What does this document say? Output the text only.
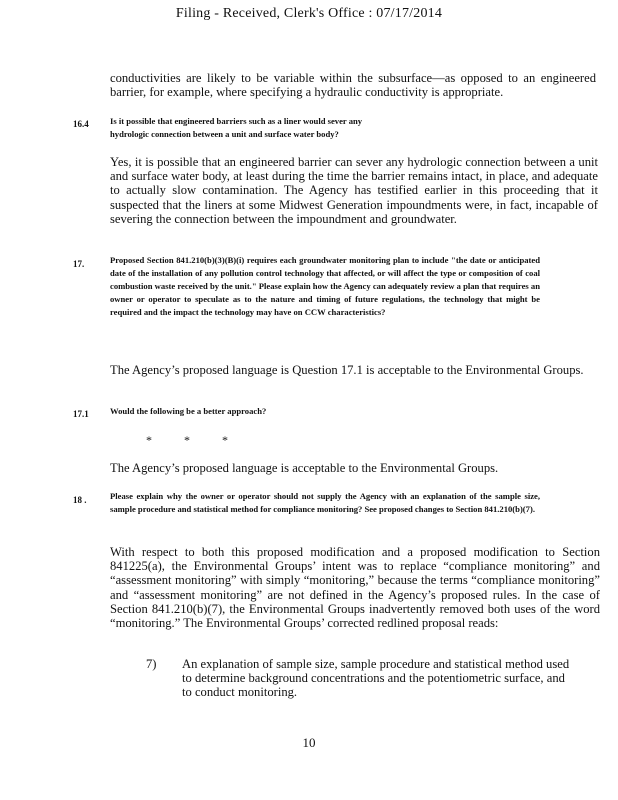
Filing - Received, Clerk's Office : 07/17/2014
conductivities are likely to be variable within the subsurface—as opposed to an engineered barrier, for example, where specifying a hydraulic conductivity is appropriate.
16.4 Is it possible that engineered barriers such as a liner would sever any hydrologic connection between a unit and surface water body?
Yes, it is possible that an engineered barrier can sever any hydrologic connection between a unit and surface water body, at least during the time the barrier remains intact, in place, and adequate to actually slow contamination. The Agency has testified earlier in this proceeding that it suspected that the liners at some Midwest Generation impoundments were, in fact, incapable of severing the connection between the impoundment and groundwater.
17.	Proposed Section 841.210(b)(3)(B)(i) requires each groundwater monitoring plan to include "the date or anticipated date of the installation of any pollution control technology that affected, or will affect the type or composition of coal combustion waste received by the unit." Please explain how the Agency can adequately review a plan that requires an owner or operator to speculate as to the nature and timing of future regulations, the technology that might be required and the impact the technology may have on CCW characteristics?
The Agency’s proposed language is Question 17.1 is acceptable to the Environmental Groups.
17.1 Would the following be a better approach?
*	*	*
The Agency’s proposed language is acceptable to the Environmental Groups.
18 .	Please explain why the owner or operator should not supply the Agency with an explanation of the sample size, sample procedure and statistical method for compliance monitoring? See proposed changes to Section 841.210(b)(7).
With respect to both this proposed modification and a proposed modification to Section 841225(a), the Environmental Groups’ intent was to replace “compliance monitoring” and “assessment monitoring” with simply “monitoring,” because the terms “compliance monitoring” and “assessment monitoring” are not defined in the Agency’s proposed rules. In the case of Section 841.210(b)(7), the Environmental Groups inadvertently removed both uses of the word “monitoring.” The Environmental Groups’ corrected redlined proposal reads:
7) An explanation of sample size, sample procedure and statistical method used to determine background concentrations and the potentiometric surface, and to conduct monitoring.
10
